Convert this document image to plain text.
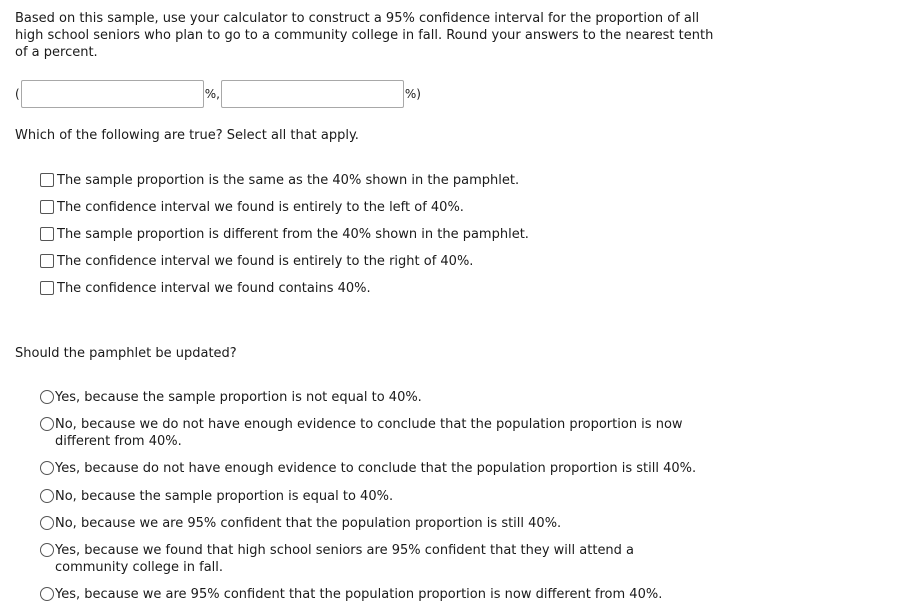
Based on this sample, use your calculator to construct a 95% confidence interval for the proportion of all high school seniors who plan to go to a community college in fall. Round your answers to the nearest tenth of a percent.
(	%,	%)
Which of the following are true? Select all that apply.
The sample proportion is the same as the 40% shown in the pamphlet.
The confidence interval we found is entirely to the left of 40%.
The sample proportion is different from the 40% shown in the pamphlet.
The confidence interval we found is entirely to the right of 40%.
The confidence interval we found contains 40%.
Should the pamphlet be updated?
Yes, because the sample proportion is not equal to 40%.
No, because we do not have enough evidence to conclude that the population proportion is now different from 40%.
Yes, because do not have enough evidence to conclude that the population proportion is still 40%.
No, because the sample proportion is equal to 40%.
No, because we are 95% confident that the population proportion is still 40%.
Yes, because we found that high school seniors are 95% confident that they will attend a community college in fall.
Yes, because we are 95% confident that the population proportion is now different from 40%.
